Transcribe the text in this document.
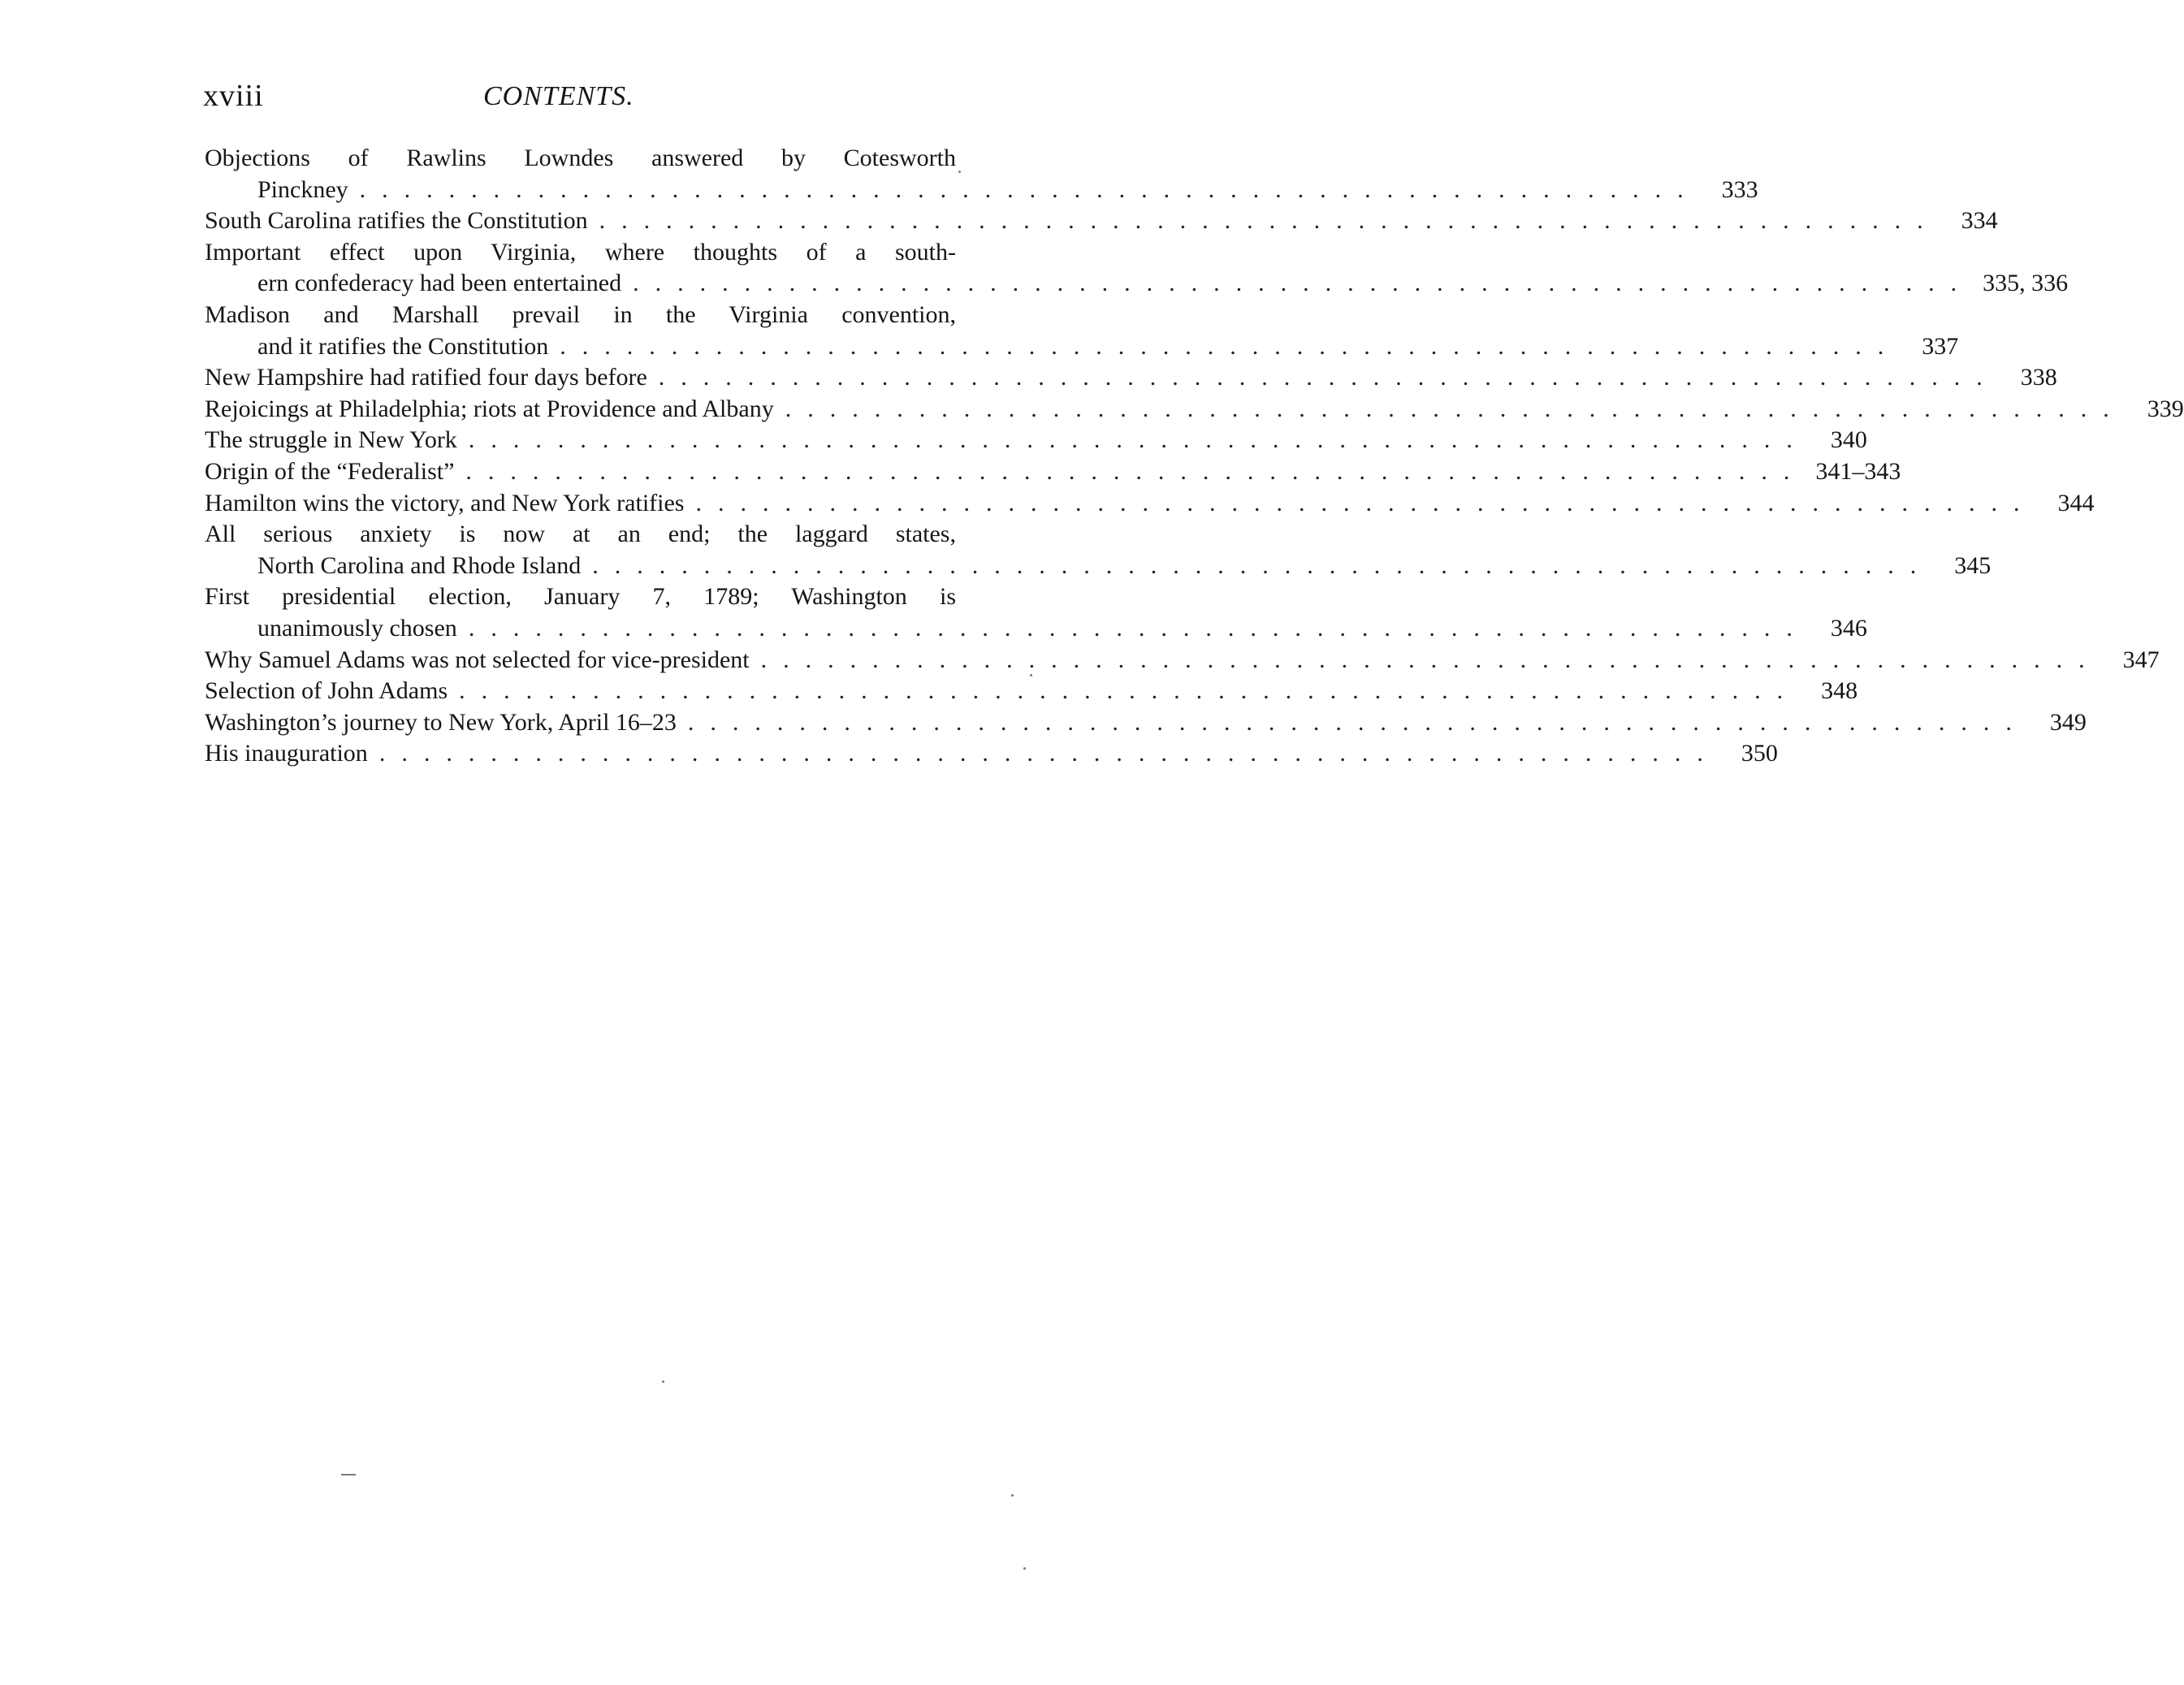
xviii	CONTENTS.
Objections of Rawlins Lowndes answered by Cotesworth
Pinckney ............................................................ 333
South Carolina ratifies the Constitution ............................................................ 334
Important effect upon Virginia, where thoughts of a south-
ern confederacy had been entertained ............................................................ 335, 336
Madison and Marshall prevail in the Virginia convention,
and it ratifies the Constitution ............................................................ 337
New Hampshire had ratified four days before ............................................................ 338
Rejoicings at Philadelphia; riots at Providence and Albany ............................................................ 339
The struggle in New York ............................................................ 340
Origin of the “Federalist” ............................................................ 341–343
Hamilton wins the victory, and New York ratifies ............................................................ 344
All serious anxiety is now at an end; the laggard states,
North Carolina and Rhode Island ............................................................ 345
First presidential election, January 7, 1789; Washington is
unanimously chosen ............................................................ 346
Why Samuel Adams was not selected for vice-president ............................................................ 347
Selection of John Adams ............................................................ 348
Washington’s journey to New York, April 16–23 ............................................................ 349
His inauguration ............................................................ 350
